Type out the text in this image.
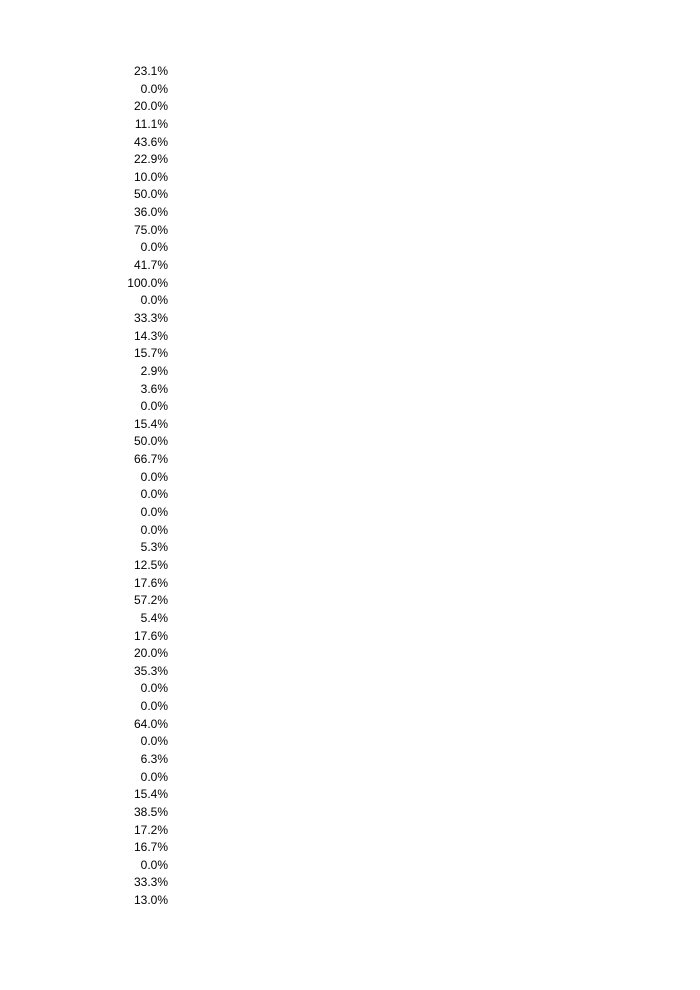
23.1%
0.0%
20.0%
11.1%
43.6%
22.9%
10.0%
50.0%
36.0%
75.0%
0.0%
41.7%
100.0%
0.0%
33.3%
14.3%
15.7%
2.9%
3.6%
0.0%
15.4%
50.0%
66.7%
0.0%
0.0%
0.0%
0.0%
5.3%
12.5%
17.6%
57.2%
5.4%
17.6%
20.0%
35.3%
0.0%
0.0%
64.0%
0.0%
6.3%
0.0%
15.4%
38.5%
17.2%
16.7%
0.0%
33.3%
13.0%
